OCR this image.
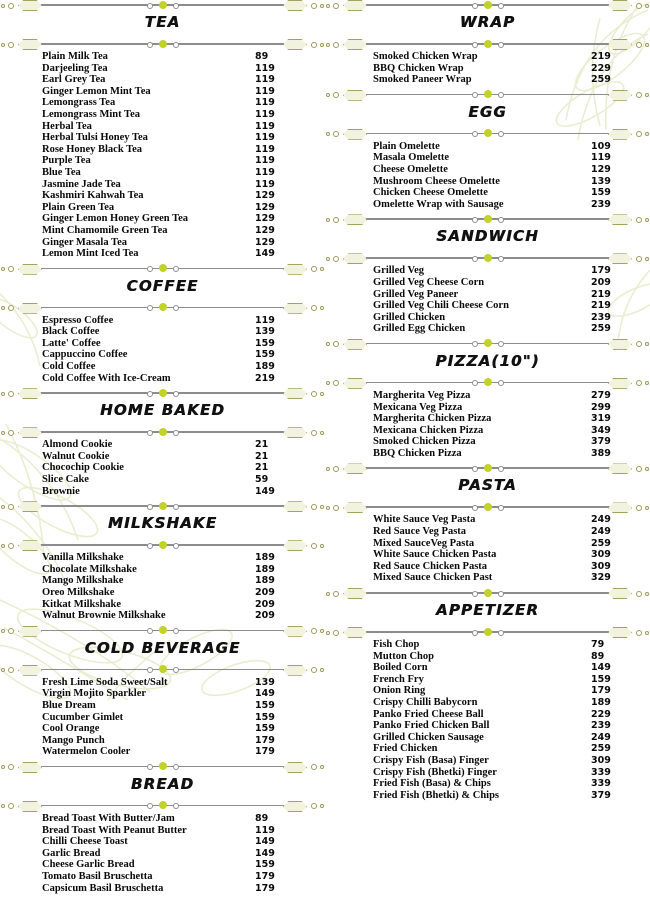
TEA
Plain Milk Tea	89
Darjeeling Tea	119
Earl Grey Tea	119
Ginger Lemon Mint Tea	119
Lemongrass Tea	119
Lemongrass Mint Tea	119
Herbal Tea	119
Herbal Tulsi Honey Tea	119
Rose Honey Black Tea	119
Purple Tea	119
Blue Tea	119
Jasmine Jade Tea	119
Kashmiri Kahwah Tea	129
Plain Green Tea	129
Ginger Lemon Honey Green Tea	129
Mint Chamomile Green Tea	129
Ginger Masala Tea	129
Lemon Mint Iced Tea	149
COFFEE
Espresso Coffee	119
Black Coffee	139
Latte' Coffee	159
Cappuccino Coffee	159
Cold Coffee	189
Cold Coffee With Ice-Cream	219
HOME BAKED
Almond Cookie	21
Walnut Cookie	21
Chocochip Cookie	21
Slice Cake	59
Brownie	149
MILKSHAKE
Vanilla Milkshake	189
Chocolate Milkshake	189
Mango Milkshake	189
Oreo Milkshake	209
Kitkat Milkshake	209
Walnut Brownie Milkshake	209
COLD BEVERAGE
Fresh Lime Soda Sweet/Salt	139
Virgin Mojito Sparkler	149
Blue Dream	159
Cucumber Gimlet	159
Cool Orange	159
Mango Punch	179
Watermelon Cooler	179
BREAD
Bread Toast With Butter/Jam	89
Bread Toast With Peanut Butter	119
Chilli Cheese Toast	149
Garlic Bread	149
Cheese Garlic Bread	159
Tomato Basil Bruschetta	179
Capsicum Basil Bruschetta	179
WRAP
Smoked Chicken Wrap	219
BBQ Chicken Wrap	229
Smoked Paneer Wrap	259
EGG
Plain Omelette	109
Masala Omelette	119
Cheese Omelette	129
Mushroom Cheese Omelette	139
Chicken Cheese Omelette	159
Omelette Wrap with Sausage	239
SANDWICH
Grilled Veg	179
Grilled Veg Cheese Corn	209
Grilled Veg Paneer	219
Grilled Veg Chili Cheese Corn	219
Grilled Chicken	239
Grilled Egg Chicken	259
PIZZA(10")
Margherita Veg Pizza	279
Mexicana Veg Pizza	299
Margherita Chicken Pizza	319
Mexicana Chicken Pizza	349
Smoked Chicken Pizza	379
BBQ Chicken Pizza	389
PASTA
White Sauce Veg Pasta	249
Red Sauce Veg Pasta	249
Mixed SauceVeg Pasta	259
White Sauce Chicken Pasta	309
Red Sauce Chicken Pasta	309
Mixed Sauce Chicken Past	329
APPETIZER
Fish Chop	79
Mutton Chop	89
Boiled Corn	149
French Fry	159
Onion Ring	179
Crispy Chilli Babycorn	189
Panko Fried Cheese Ball	229
Panko Fried Chicken Ball	239
Grilled Chicken Sausage	249
Fried Chicken	259
Crispy Fish (Basa) Finger	309
Crispy Fish (Bhetki) Finger	339
Fried Fish (Basa) & Chips	339
Fried Fish (Bhetki) & Chips	379
